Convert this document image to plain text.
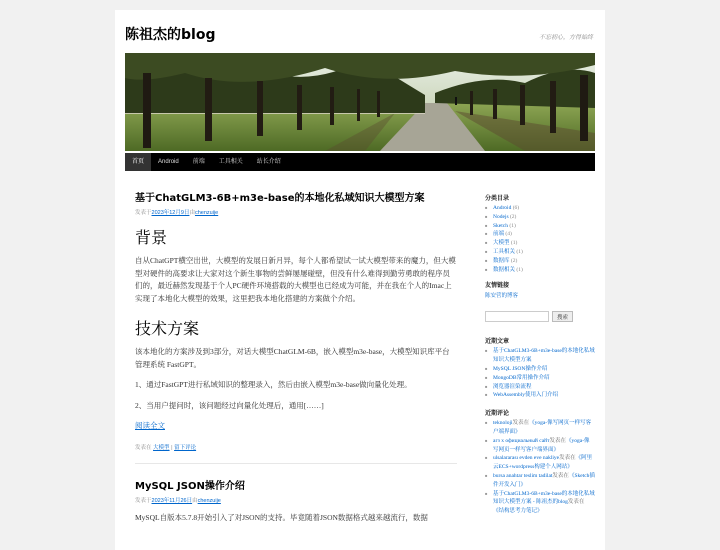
陈祖杰的blog	不忘初心，方得始终
首页	Android	前端	工具相关	站长介绍
基于ChatGLM3-6B+m3e-base的本地化私域知识大模型方案
发表于2023年12月9日由chenzuije
背景

自从ChatGPT横空出世，大模型的发展日新月异，每个人都希望试一试大模型带来的魔力，但大模型对硬件的高要求让大家对这个新生事物的尝鲜屡屡碰壁，但没有什么难得到勤劳勇敢的程序员们的，最近赫然发现基于个人PC硬件环境搭载的大模型也已经成为可能，并在我在个人的Imac上实现了本地化大模型的效果，这里把我本地化搭建的方案做个介绍。

技术方案

该本地化的方案涉及到3部分，对话大模型ChatGLM-6B，嵌入模型m3e-base，大模型知识库平台管理系统 FastGPT。

1、通过FastGPT进行私域知识的整理录入，然后由嵌入模型m3e-base做向量化处理。

2、当用户提问时，该问题经过向量化处理后，通用[……]

阅读全文
发表在 大模型 | 留下评论
MySQL JSON操作介绍
发表于2023年11月26日由chenzuije

MySQL自版本5.7.8开始引入了对JSON的支持。毕竟随着JSON数据格式越来越流行，数据

分类目录
■ Android (6)
■ Nodejs (2)
■ Sketch (1)
■ 前端 (4)
■ 大模型 (1)
■ 工具相关 (1)
■ 数据库 (2)
■ 数据相关 (1)
友情链接
陈安营的博客
搜索
近期文章
■ 基于ChatGLM3-6B+m3e-base的本地化私域知识大模型方案
■ MySQL JSON操作介绍
■ MongoDB常用操作介绍
■ 浏览器渲染流程
■ WebAssembly使用入门介绍
近期评论
■ teknoloji发表在《yoga-像写网页一样写客户端界面》
■ агз х официальный сайт发表在《yoga-像写网页一样写客户端界面》
■ ulsalararası evden eve nakliye发表在《阿里云ECS+wordpress构建个人网站》
■ bursa anahtar teslim tadilat发表在《Sketch插件开发入门》
■ 基于ChatGLM3-6B+m3e-base的本地化私域知识大模型方案 - 陈祖杰的blog发表在《结构思考力笔记》
